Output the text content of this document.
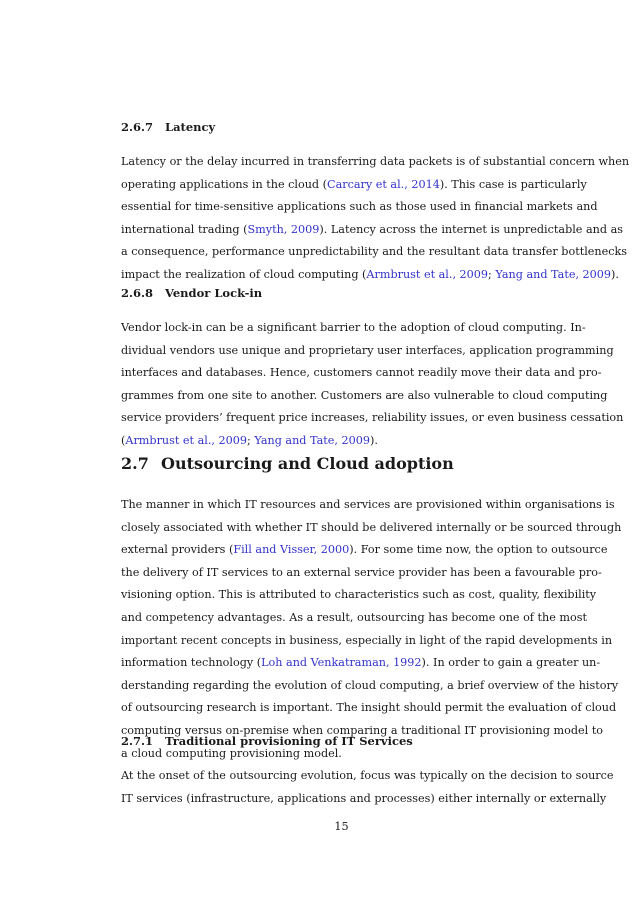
2.6.7 Latency
Latency or the delay incurred in transferring data packets is of substantial concern when
operating applications in the cloud (Carcary et al., 2014). This case is particularly
essential for time-sensitive applications such as those used in financial markets and
international trading (Smyth, 2009). Latency across the internet is unpredictable and as
a consequence, performance unpredictability and the resultant data transfer bottlenecks
impact the realization of cloud computing (Armbrust et al., 2009; Yang and Tate, 2009).
2.6.8 Vendor Lock-in
Vendor lock-in can be a significant barrier to the adoption of cloud computing. In-
dividual vendors use unique and proprietary user interfaces, application programming
interfaces and databases. Hence, customers cannot readily move their data and pro-
grammes from one site to another. Customers are also vulnerable to cloud computing
service providers’ frequent price increases, reliability issues, or even business cessation
(Armbrust et al., 2009; Yang and Tate, 2009).
2.7 Outsourcing and Cloud adoption
The manner in which IT resources and services are provisioned within organisations is
closely associated with whether IT should be delivered internally or be sourced through
external providers (Fill and Visser, 2000). For some time now, the option to outsource
the delivery of IT services to an external service provider has been a favourable pro-
visioning option. This is attributed to characteristics such as cost, quality, flexibility
and competency advantages. As a result, outsourcing has become one of the most
important recent concepts in business, especially in light of the rapid developments in
information technology (Loh and Venkatraman, 1992). In order to gain a greater un-
derstanding regarding the evolution of cloud computing, a brief overview of the history
of outsourcing research is important. The insight should permit the evaluation of cloud
computing versus on-premise when comparing a traditional IT provisioning model to
a cloud computing provisioning model.
2.7.1 Traditional provisioning of IT Services
At the onset of the outsourcing evolution, focus was typically on the decision to source
IT services (infrastructure, applications and processes) either internally or externally

15
